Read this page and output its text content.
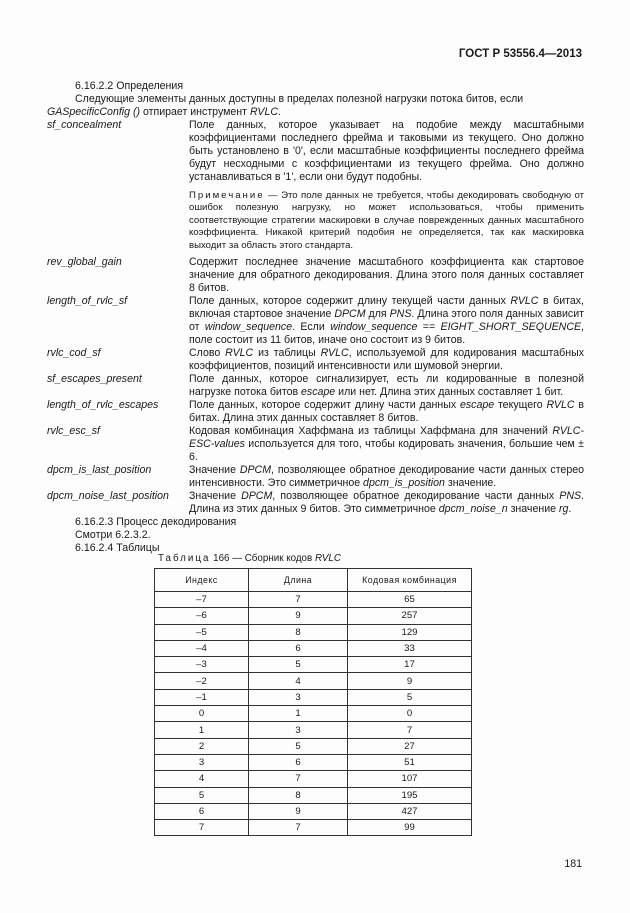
ГОСТ Р 53556.4—2013
6.16.2.2 Определения
Следующие элементы данных доступны в пределах полезной нагрузки потока битов, если
GASpecificConfig () отпирает инструмент RVLC.
sf_concealment	Поле данных, которое указывает на подобие между масштабными коэффициентами последнего фрейма и таковыми из текущего. Оно должно быть установлено в '0', если масштабные коэффициенты последнего фрейма будут несходными с коэффициентами из текущего фрейма. Оно должно устанавливаться в '1', если они будут подобны.
Примечание — Это поле данных не требуется, чтобы декодировать свободную от ошибок полезную нагрузку, но может использоваться, чтобы применить соответствующие стратегии маскировки в случае поврежденных данных масштабного коэффициента. Никакой критерий подобия не определяется, так как маскировка выходит за область этого стандарта.
rev_global_gain	Содержит последнее значение масштабного коэффициента как стартовое значение для обратного декодирования. Длина этого поля данных составляет 8 битов.
length_of_rvlc_sf	Поле данных, которое содержит длину текущей части данных RVLC в битах, включая стартовое значение DPCM для PNS. Длина этого поля данных зависит от window_sequence. Если window_sequence == EIGHT_SHORT_SEQUENCE, поле состоит из 11 битов, иначе оно состоит из 9 битов.
rvlc_cod_sf	Слово RVLC из таблицы RVLC, используемой для кодирования масштабных коэффициентов, позиций интенсивности или шумовой энергии.
sf_escapes_present	Поле данных, которое сигнализирует, есть ли кодированные в полезной нагрузке потока битов escape или нет. Длина этих данных составляет 1 бит.
length_of_rvlc_escapes	Поле данных, которое содержит длину части данных escape текущего RVLC в битах. Длина этих данных составляет 8 битов.
rvlc_esc_sf	Кодовая комбинация Хаффмана из таблицы Хаффмана для значений RVLC-ESC-values используется для того, чтобы кодировать значения, большие чем ± 6.
dpcm_is_last_position	Значение DPCM, позволяющее обратное декодирование части данных стерео интенсивности. Это симметричное dpcm_is_position значение.
dpcm_noise_last_position	Значение DPCM, позволяющее обратное декодирование части данных PNS. Длина из этих данных 9 битов. Это симметричное dpcm_noise_n значение rg.
6.16.2.3 Процесс декодирования
Смотри 6.2.3.2.
6.16.2.4 Таблицы
Таблица 166 — Сборник кодов RVLC
Индекс	Длина	Кодовая комбинация
–7	7	65
–6	9	257
–5	8	129
–4	6	33
–3	5	17
–2	4	9
–1	3	5
0	1	0
1	3	7
2	5	27
3	6	51
4	7	107
5	8	195
6	9	427
7	7	99
181
